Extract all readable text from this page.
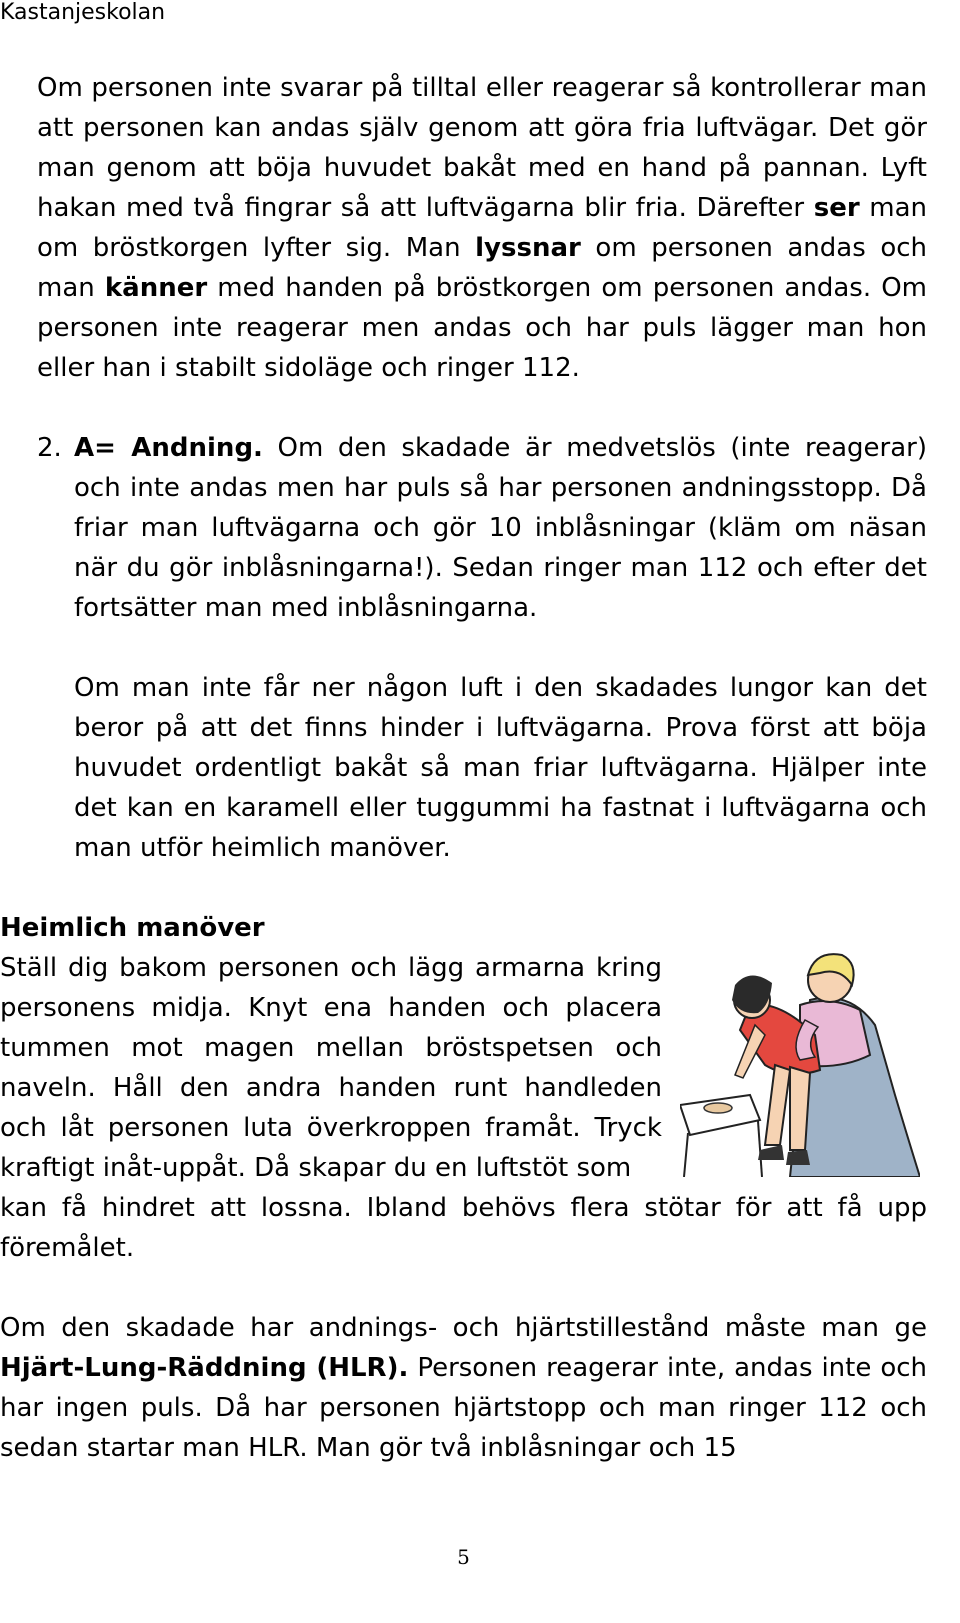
Kastanjeskolan

Om personen inte svarar på tilltal eller reagerar så kontrollerar man att personen kan andas själv genom att göra fria luftvägar. Det gör man genom att böja huvudet bakåt med en hand på pannan. Lyft hakan med två fingrar så att luftvägarna blir fria. Därefter ser man om bröstkorgen lyfter sig. Man lyssnar om personen andas och man känner med handen på bröstkorgen om personen andas. Om personen inte reagerar men andas och har puls lägger man hon eller han i stabilt sidoläge och ringer 112.

2. A= Andning. Om den skadade är medvetslös (inte reagerar) och inte andas men har puls så har personen andningsstopp. Då friar man luftvägarna och gör 10 inblåsningar (kläm om näsan när du gör inblåsningarna!). Sedan ringer man 112 och efter det fortsätter man med inblåsningarna.

Om man inte får ner någon luft i den skadades lungor kan det beror på att det finns hinder i luftvägarna. Prova först att böja huvudet ordentligt bakåt så man friar luftvägarna. Hjälper inte det kan en karamell eller tuggummi ha fastnat i luftvägarna och man utför heimlich manöver.

Heimlich manöver

Ställ dig bakom personen och lägg armarna kring personens midja. Knyt ena handen och placera tummen mot magen mellan bröstspetsen och naveln. Håll den andra handen runt handleden och låt personen luta överkroppen framåt. Tryck kraftigt inåt-uppåt. Då skapar du en luftstöt som

kan få hindret att lossna. Ibland behövs flera stötar för att få upp föremålet.

Om den skadade har andnings- och hjärtstillestånd måste man ge Hjärt-Lung-Räddning (HLR). Personen reagerar inte, andas inte och har ingen puls. Då har personen hjärtstopp och man ringer 112 och sedan startar man HLR. Man gör två inblåsningar och 15

5
